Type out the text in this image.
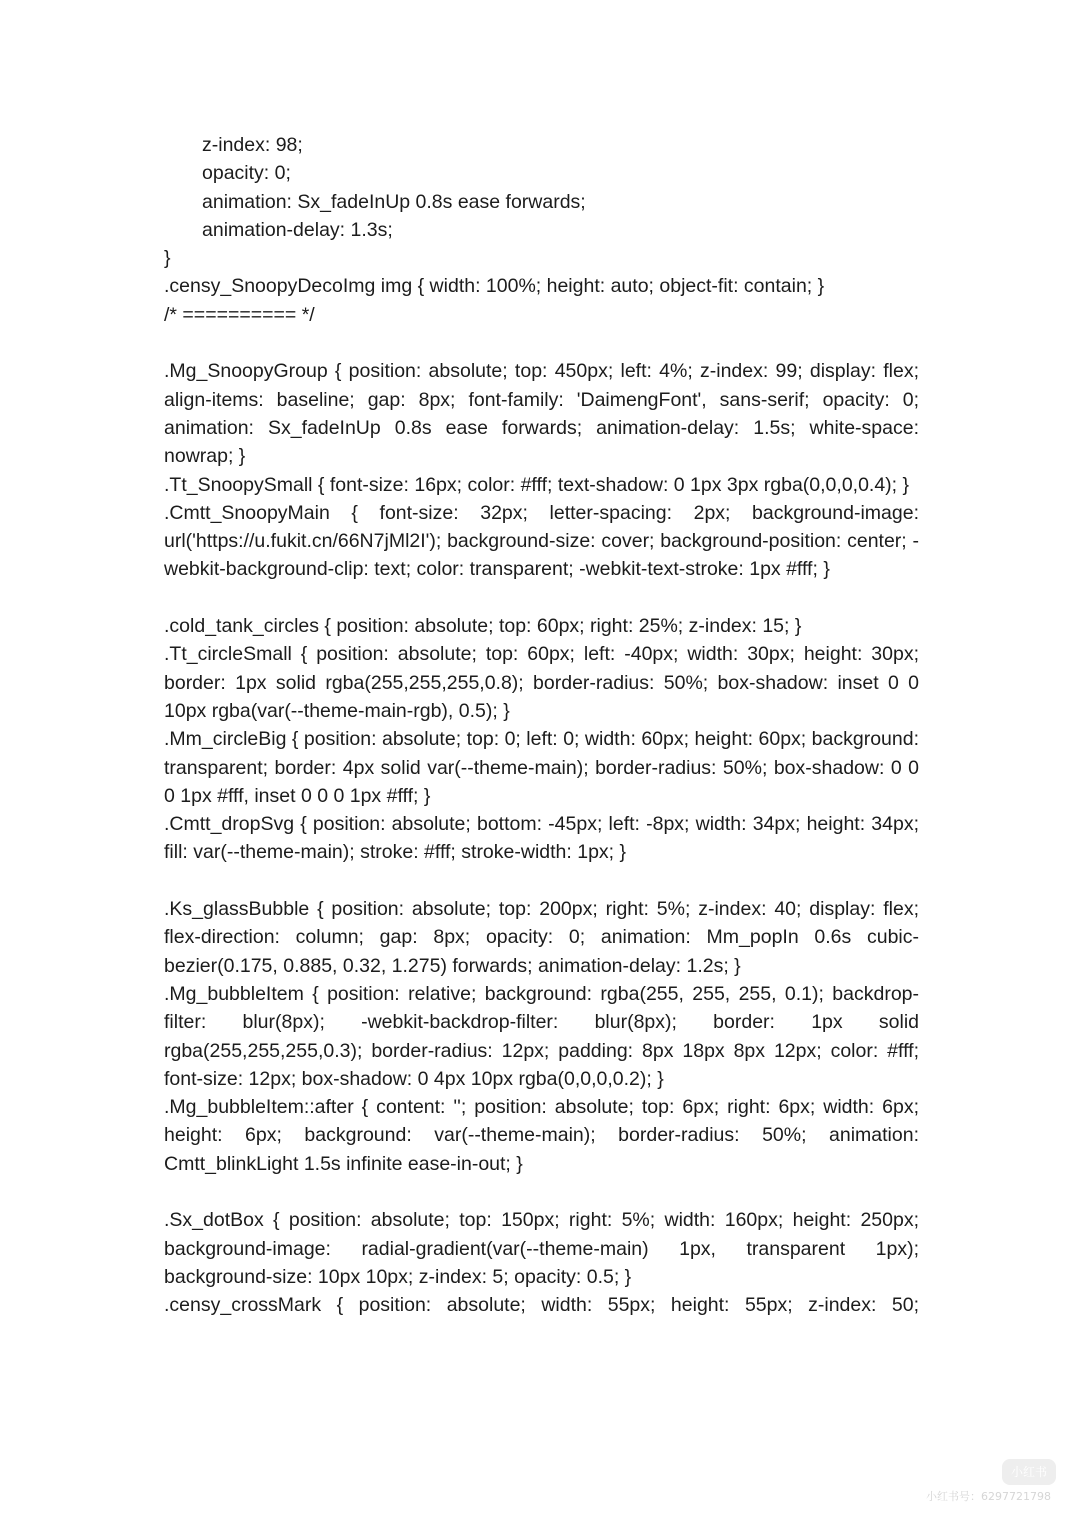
z-index: 98;
opacity: 0;
animation: Sx_fadeInUp 0.8s ease forwards;
animation-delay: 1.3s;
}
.censy_SnoopyDecoImg img { width: 100%; height: auto; object-fit: contain; }
/* ========== */
.Mg_SnoopyGroup { position: absolute; top: 450px; left: 4%; z-index: 99; display: flex; align-items: baseline; gap: 8px; font-family: 'DaimengFont', sans-serif; opacity: 0; animation: Sx_fadeInUp 0.8s ease forwards; animation-delay: 1.5s; white-space: nowrap; }
.Tt_SnoopySmall { font-size: 16px; color: #fff; text-shadow: 0 1px 3px rgba(0,0,0,0.4); }
.Cmtt_SnoopyMain { font-size: 32px; letter-spacing: 2px; background-image: url('https://u.fukit.cn/66N7jMl2I'); background-size: cover; background-position: center; -webkit-background-clip: text; color: transparent; -webkit-text-stroke: 1px #fff; }
.cold_tank_circles { position: absolute; top: 60px; right: 25%; z-index: 15; }
.Tt_circleSmall { position: absolute; top: 60px; left: -40px; width: 30px; height: 30px; border: 1px solid rgba(255,255,255,0.8); border-radius: 50%; box-shadow: inset 0 0 10px rgba(var(--theme-main-rgb), 0.5); }
.Mm_circleBig { position: absolute; top: 0; left: 0; width: 60px; height: 60px; background: transparent; border: 4px solid var(--theme-main); border-radius: 50%; box-shadow: 0 0 0 1px #fff, inset 0 0 0 1px #fff; }
.Cmtt_dropSvg { position: absolute; bottom: -45px; left: -8px; width: 34px; height: 34px; fill: var(--theme-main); stroke: #fff; stroke-width: 1px; }
.Ks_glassBubble { position: absolute; top: 200px; right: 5%; z-index: 40; display: flex; flex-direction: column; gap: 8px; opacity: 0; animation: Mm_popIn 0.6s cubic-bezier(0.175, 0.885, 0.32, 1.275) forwards; animation-delay: 1.2s; }
.Mg_bubbleItem { position: relative; background: rgba(255, 255, 255, 0.1); backdrop-filter: blur(8px); -webkit-backdrop-filter: blur(8px); border: 1px solid rgba(255,255,255,0.3); border-radius: 12px; padding: 8px 18px 8px 12px; color: #fff; font-size: 12px; box-shadow: 0 4px 10px rgba(0,0,0,0.2); }
.Mg_bubbleItem::after { content: ''; position: absolute; top: 6px; right: 6px; width: 6px; height: 6px; background: var(--theme-main); border-radius: 50%; animation: Cmtt_blinkLight 1.5s infinite ease-in-out; }
.Sx_dotBox { position: absolute; top: 150px; right: 5%; width: 160px; height: 250px; background-image: radial-gradient(var(--theme-main) 1px, transparent 1px); background-size: 10px 10px; z-index: 5; opacity: 0.5; }
.censy_crossMark { position: absolute; width: 55px; height: 55px; z-index: 50;
小红书
小红书号：6297721798
